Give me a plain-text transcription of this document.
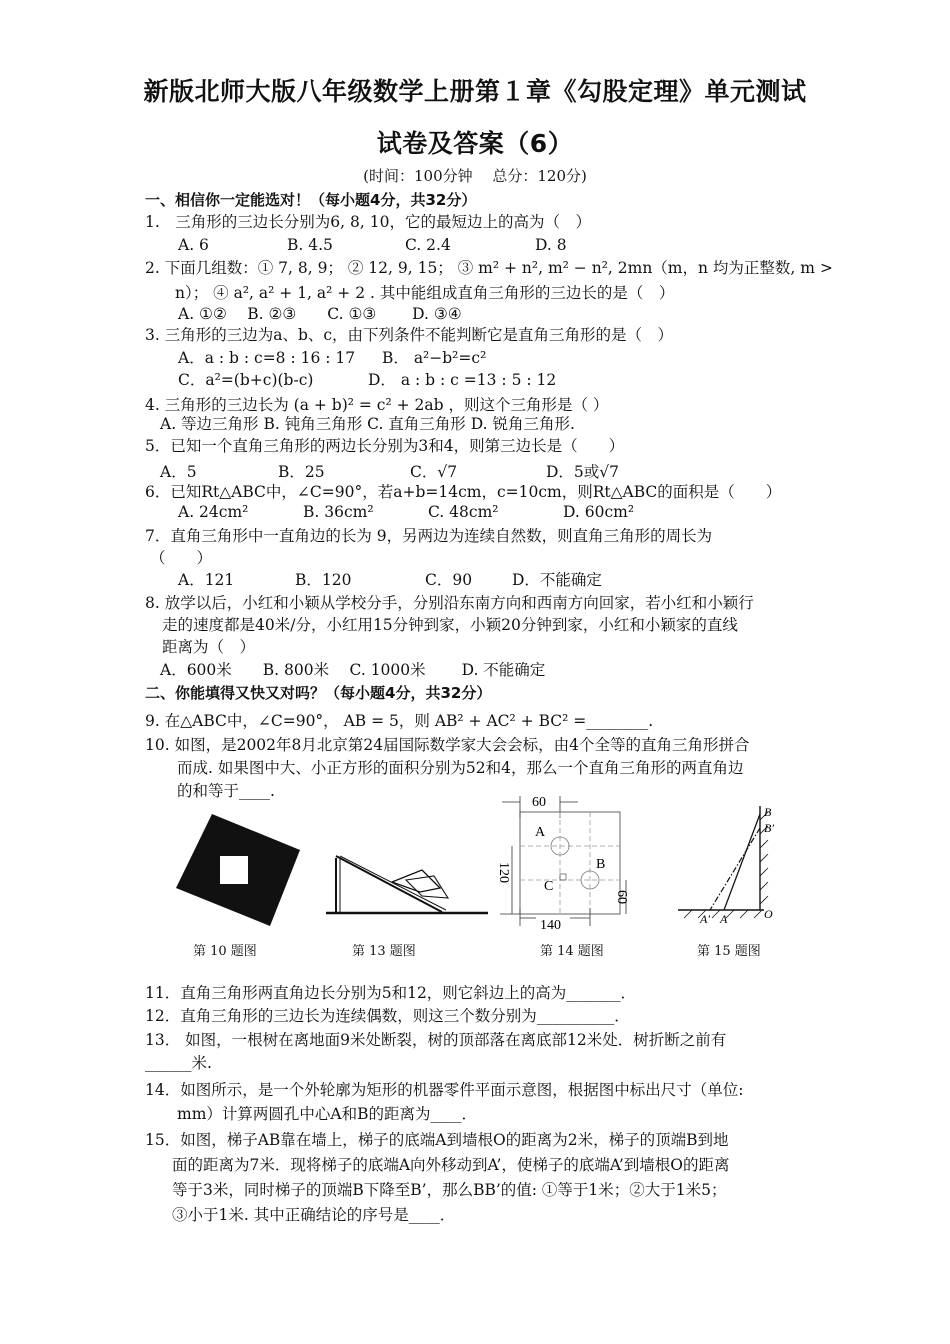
新版北师大版八年级数学上册第１章《勾股定理》单元测试
试卷及答案（6）
(时间：100分钟　 总分：120分)
一、相信你一定能选对！（每小题4分，共32分）
1.　三角形的三边长分别为6, 8, 10，它的最短边上的高为（　）
A. 6	B. 4.5	C. 2.4	D. 8
2. 下面几组数：① 7, 8, 9； ② 12, 9, 15； ③ m² + n², m² − n², 2mn（m，n 均为正整数, m >
n）； ④ a², a² + 1, a² + 2 . 其中能组成直角三角形的三边长的是（　）
A. ①②　 B. ②③　　C. ①③　　 D. ③④
3. 三角形的三边为a、b、c，由下列条件不能判断它是直角三角形的是（　）
A．a : b : c=8 : 16 : 17 B． a²−b²=c²
C．a²=(b+c)(b-c)	D． a : b : c =13 : 5 : 12
4. 三角形的三边长为 (a + b)² = c² + 2ab ，则这个三角形是（ ）
A. 等边三角形 B. 钝角三角形 C. 直角三角形 D. 锐角三角形.
5．已知一个直角三角形的两边长分别为3和4，则第三边长是（　　）
A．5	B．25	C．√7	D．5或√7
6．已知Rt△ABC中，∠C=90°，若a+b=14cm，c=10cm，则Rt△ABC的面积是（　　）
A. 24cm²	B. 36cm²	C. 48cm²	D. 60cm²
7．直角三角形中一直角边的长为 9，另两边为连续自然数，则直角三角形的周长为
（　　）
A．121	B．120	C．90	D．不能确定
8. 放学以后，小红和小颖从学校分手，分别沿东南方向和西南方向回家，若小红和小颖行
走的速度都是40米/分，小红用15分钟到家，小颖20分钟到家，小红和小颖家的直线
距离为（　）
A．600米　　B. 800米　 C. 1000米　　 D. 不能确定
二、你能填得又快又对吗？（每小题4分，共32分）
9. 在△ABC中，∠C=90°， AB = 5，则 AB² + AC² + BC² =________.
10. 如图，是2002年8月北京第24届国际数学家大会会标，由4个全等的直角三角形拼合
而成. 如果图中大、小正方形的面积分别为52和4，那么一个直角三角形的两直角边
的和等于____.
60
120
60
140
A
B
C
B
B′
A′ A	O
第 10 题图	第 13 题图	第 14 题图	第 15 题图
11．直角三角形两直角边长分别为5和12，则它斜边上的高为_______．
12．直角三角形的三边长为连续偶数，则这三个数分别为__________．
13． 如图，一根树在离地面9米处断裂，树的顶部落在离底部12米处．树折断之前有
______米.
14．如图所示，是一个外轮廓为矩形的机器零件平面示意图，根据图中标出尺寸（单位:
mm）计算两圆孔中心A和B的距离为____．
15．如图，梯子AB靠在墙上，梯子的底端A到墙根O的距离为2米，梯子的顶端B到地
面的距离为7米．现将梯子的底端A向外移动到A’，使梯子的底端A’到墙根O的距离
等于3米，同时梯子的顶端B下降至B’，那么BB’的值: ①等于1米；②大于1米5；
③小于1米. 其中正确结论的序号是____．
